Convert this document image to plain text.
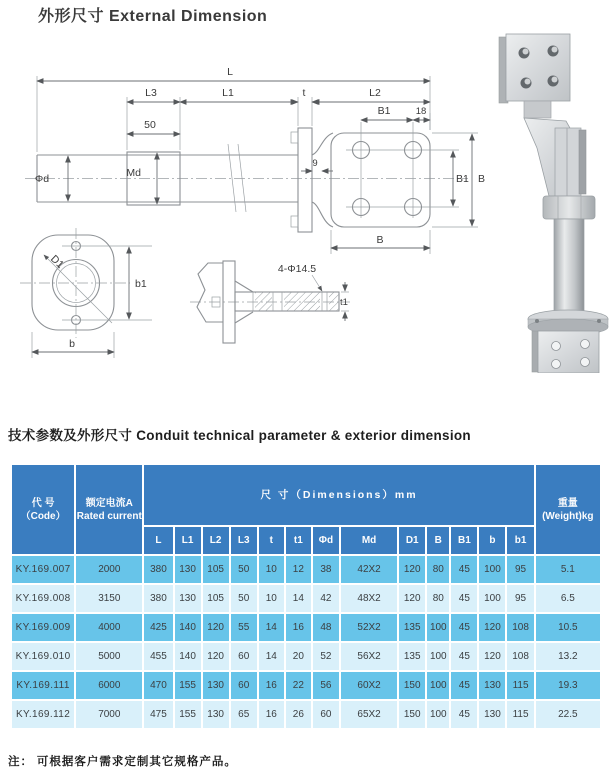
外形尺寸 External Dimension
L
L3	L1	t	L2
B1	18
50
Φd	Md
9
B1 B
B
D1
b1
b
4-Φ14.5
t1
技术参数及外形尺寸 Conduit technical parameter & exterior dimension
代 号
（Code）

额定电流A
Rated current
	尺 寸（Dimensions）mm	
重量
(Weight)kg

		L	L1	L2	L3	t	t1	Φd	Md	D1	B	B1	b	b1	
KY.169.007	2000	380	130	105	50	10	12	38	42X2	120	80	45	100	95	5.1
KY.169.008	3150	380	130	105	50	10	14	42	48X2	120	80	45	100	95	6.5
KY.169.009	4000	425	140	120	55	14	16	48	52X2	135	100	45	120	108	10.5
KY.169.010	5000	455	140	120	60	14	20	52	56X2	135	100	45	120	108	13.2
KY.169.111	6000	470	155	130	60	16	22	56	60X2	150	100	45	130	115	19.3
KY.169.112	7000	475	155	130	65	16	26	60	65X2	150	100	45	130	115	22.5
注： 可根据客户需求定制其它规格产品。
